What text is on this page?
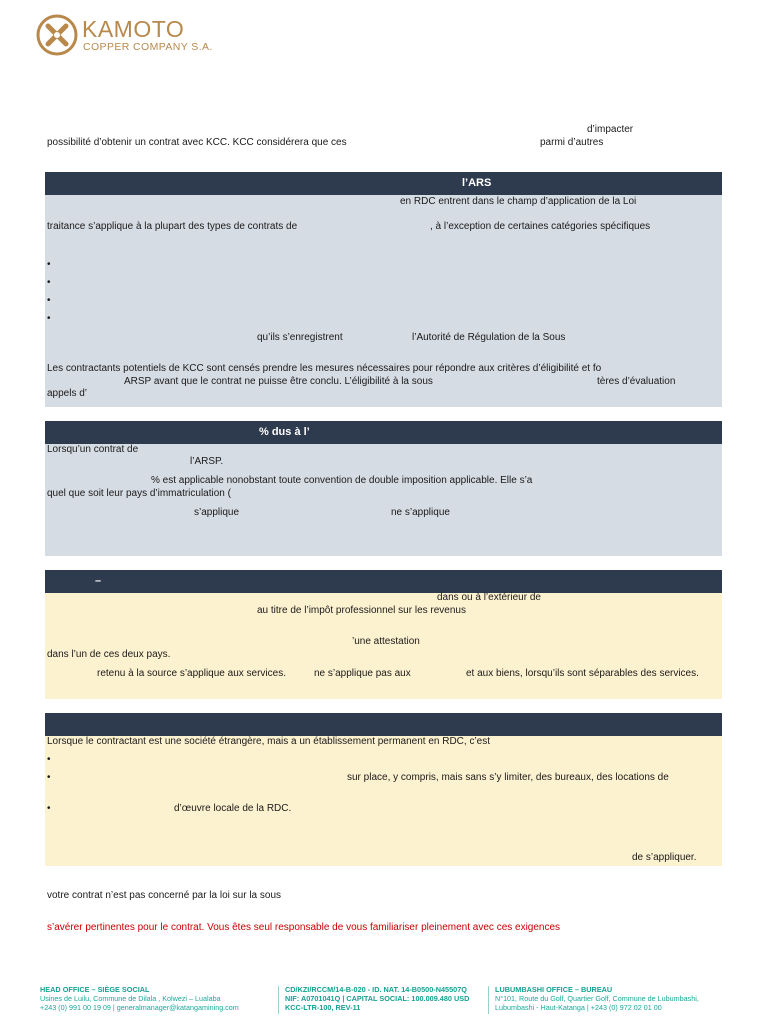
KAMOTO
COPPER COMPANY S.A.
d’impacter
possibilité d’obtenir un contrat avec KCC. KCC considérera que ces	parmi d’autres
l’ARS
en RDC entrent dans le champ d’application de la Loi
traitance s’applique à la plupart des types de contrats de	, à l’exception de certaines catégories spécifiques
•
•
•
•
qu’ils s’enregistrent	l’Autorité de Régulation de la Sous
Les contractants potentiels de KCC sont censés prendre les mesures nécessaires pour répondre aux critères d’éligibilité et fo
ARSP avant que le contrat ne puisse être conclu. L’éligibilité à la sous	tères d’évaluation
appels d’
% dus à l’
Lorsqu’un contrat de
l’ARSP.
% est applicable nonobstant toute convention de double imposition applicable. Elle s’a
quel que soit leur pays d’immatriculation (
s’applique	ne s’applique
–
dans ou à l’extérieur de
au titre de l’impôt professionnel sur les revenus
’une attestation
dans l’un de ces deux pays.
retenu à la source s’applique aux services.	ne s’applique pas aux	et aux biens, lorsqu’ils sont séparables des services.
Lorsque le contractant est une société étrangère, mais a un établissement permanent en RDC, c’est
•
•	sur place, y compris, mais sans s’y limiter, des bureaux, des locations de
•	d’œuvre locale de la RDC.
de s’appliquer.
votre contrat n’est pas concerné par la loi sur la sous
s’avérer pertinentes pour le contrat. Vous êtes seul responsable de vous familiariser pleinement avec ces exigences
HEAD OFFICE – SIÈGE SOCIAL
Usines de Luilu, Commune de Dilala , Kolwezi – Lualaba
+243 (0) 991 00 19 09 | generalmanager@katangamining.com
CD/KZI/RCCM/14-B-020 - ID. NAT. 14-B0500-N45507Q
NIF: A0701041Q | CAPITAL SOCIAL: 100.009.480 USD
KCC-LTR-100, REV-11
LUBUMBASHI OFFICE – BUREAU
N°101, Route du Golf, Quartier Golf, Commune de Lubumbashi,
Lubumbashi - Haut-Katanga | +243 (0) 972 02 01 00
